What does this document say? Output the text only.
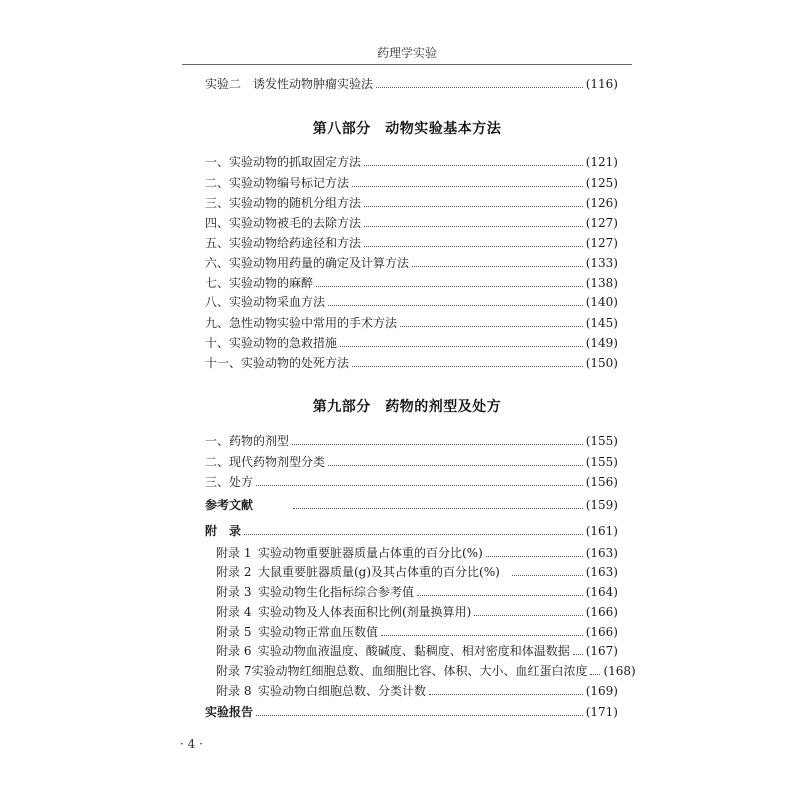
药理学实验
实验二　诱发性动物肿瘤实验法	(116)
第八部分　动物实验基本方法
一、实验动物的抓取固定方法	(121)
二、实验动物编号标记方法	(125)
三、实验动物的随机分组方法	(126)
四、实验动物被毛的去除方法	(127)
五、实验动物给药途径和方法	(127)
六、实验动物用药量的确定及计算方法	(133)
七、实验动物的麻醉	(138)
八、实验动物采血方法	(140)
九、急性动物实验中常用的手术方法	(145)
十、实验动物的急救措施	(149)
十一、实验动物的处死方法	(150)
第九部分　药物的剂型及处方
一、药物的剂型	(155)
二、现代药物剂型分类	(155)
三、处方	(156)
参考文献	(159)
附　录	(161)
附录 1 实验动物重要脏器质量占体重的百分比(%)	(163)
附录 2 大鼠重要脏器质量(g)及其占体重的百分比(%)	(163)
附录 3 实验动物生化指标综合参考值	(164)
附录 4 实验动物及人体表面积比例(剂量换算用)	(166)
附录 5 实验动物正常血压数值	(166)
附录 6 实验动物血液温度、酸碱度、黏稠度、相对密度和体温数据 (167)
附录 7 实验动物红细胞总数、血细胞比容、体积、大小、血红蛋白浓度 (168)
附录 8 实验动物白细胞总数、分类计数	(169)
实验报告	(171)
· 4 ·
